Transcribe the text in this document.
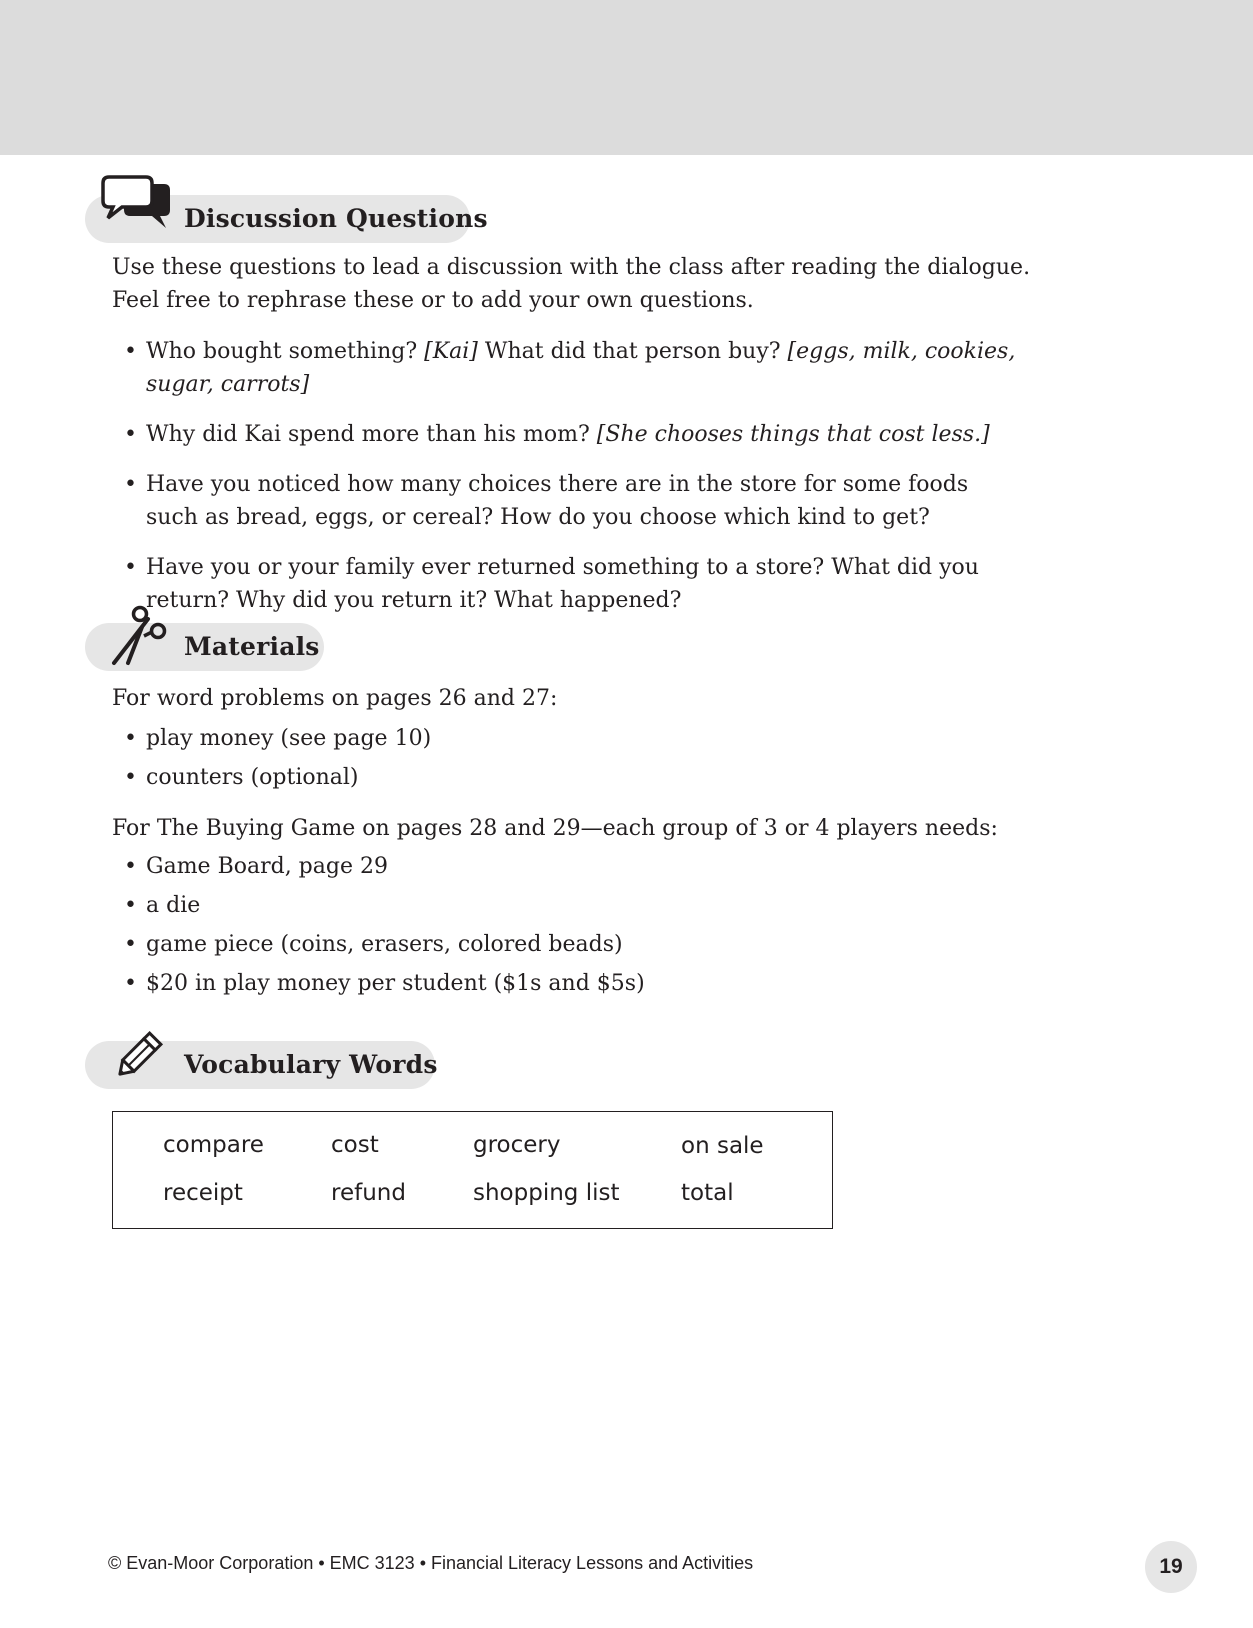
Discussion Questions

Use these questions to lead a discussion with the class after reading the dialogue. Feel free to rephrase these or to add your own questions.

• Who bought something? [Kai] What did that person buy? [eggs, milk, cookies, sugar, carrots]
• Why did Kai spend more than his mom? [She chooses things that cost less.]
• Have you noticed how many choices there are in the store for some foods such as bread, eggs, or cereal? How do you choose which kind to get?
• Have you or your family ever returned something to a store? What did you return? Why did you return it? What happened?
Materials

For word problems on pages 26 and 27:

• play money (see page 10)
• counters (optional)

For The Buying Game on pages 28 and 29—each group of 3 or 4 players needs:

• Game Board, page 29
• a die
• game piece (coins, erasers, colored beads)
• $20 in play money per student ($1s and $5s)
Vocabulary Words
compare	cost	grocery	on sale
receipt	refund	shopping list	total
© Evan-Moor Corporation • EMC 3123 • Financial Literacy Lessons and Activities	19
